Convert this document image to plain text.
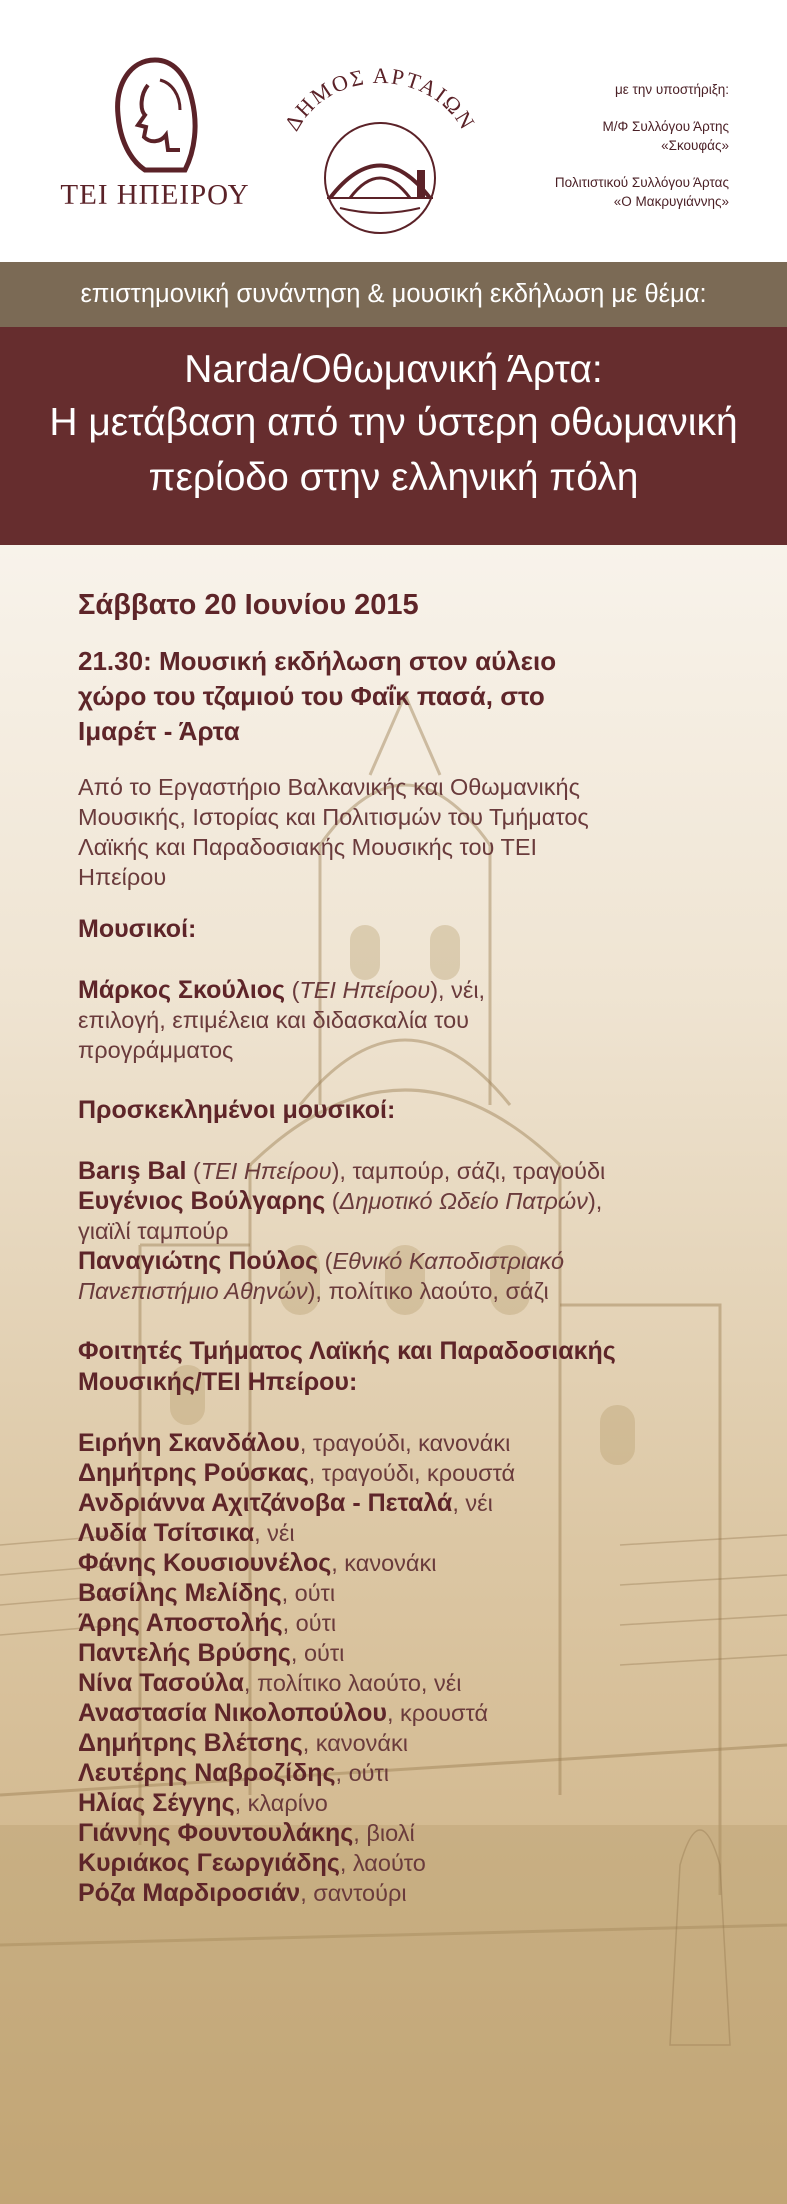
ΤΕΙ ΗΠΕΙΡΟΥ
ΔΗΜΟΣ ΑΡΤΑΙΩΝ
με την υποστήριξη:
Μ/Φ Συλλόγου Άρτης
«Σκουφάς»
Πολιτιστικού Συλλόγου Άρτας
«Ο Μακρυγιάννης»
επιστημονική συνάντηση & μουσική εκδήλωση με θέμα:
Narda/Οθωμανική Άρτα:
Η μετάβαση από την ύστερη οθωμανική
περίοδο στην ελληνική πόλη
Σάββατο 20 Ιουνίου 2015
21.30: Μουσική εκδήλωση στον αύλειο
χώρο του τζαμιού του Φαΐκ πασά, στο
Ιμαρέτ - Άρτα
Από το Εργαστήριο Βαλκανικής και Οθωμανικής
Μουσικής, Ιστορίας και Πολιτισμών του Τμήματος
Λαϊκής και Παραδοσιακής Μουσικής του ΤΕΙ
Ηπείρου
Μουσικοί:
Μάρκος Σκούλιος (ΤΕΙ Ηπείρου), νέι,
επιλογή, επιμέλεια και διδασκαλία του
προγράμματος
Προσκεκλημένοι μουσικοί:
Barış Bal (ΤΕΙ Ηπείρου), ταμπούρ, σάζι, τραγούδι
Ευγένιος Βούλγαρης (Δημοτικό Ωδείο Πατρών),
γιαϊλί ταμπούρ
Παναγιώτης Πούλος (Εθνικό Καποδιστριακό
Πανεπιστήμιο Αθηνών), πολίτικο λαούτο, σάζι
Φοιτητές Τμήματος Λαϊκής και Παραδοσιακής
Μουσικής/ΤΕΙ Ηπείρου:
Ειρήνη Σκανδάλου, τραγούδι, κανονάκι
Δημήτρης Ρούσκας, τραγούδι, κρουστά
Ανδριάννα Αχιτζάνοβα - Πεταλά, νέι
Λυδία Τσίτσικα, νέι
Φάνης Κουσιουνέλος, κανονάκι
Βασίλης Μελίδης, ούτι
Άρης Αποστολής, ούτι
Παντελής Βρύσης, ούτι
Νίνα Τασούλα, πολίτικο λαούτο, νέι
Αναστασία Νικολοπούλου, κρουστά
Δημήτρης Βλέτσης, κανονάκι
Λευτέρης Ναβροζίδης, ούτι
Ηλίας Σέγγης, κλαρίνο
Γιάννης Φουντουλάκης, βιολί
Κυριάκος Γεωργιάδης, λαούτο
Ρόζα Μαρδιροσιάν, σαντούρι
